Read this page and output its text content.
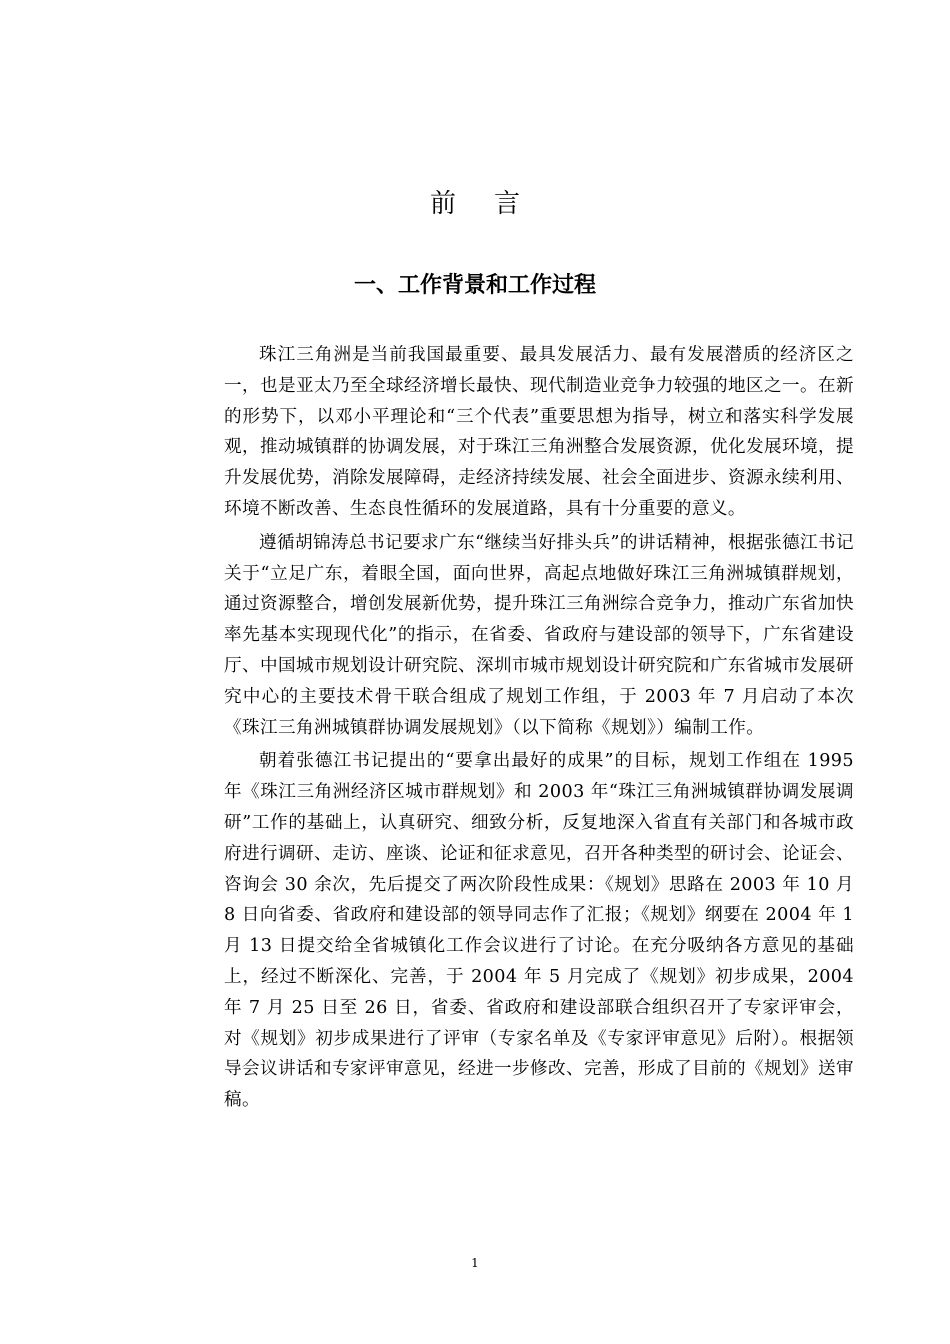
前言
一、工作背景和工作过程

珠江三角洲是当前我国最重要、最具发展活力、最有发展潜质的经济区之一，也是亚太乃至全球经济增长最快、现代制造业竞争力较强的地区之一。在新的形势下，以邓小平理论和“三个代表”重要思想为指导，树立和落实科学发展观，推动城镇群的协调发展，对于珠江三角洲整合发展资源，优化发展环境，提升发展优势，消除发展障碍，走经济持续发展、社会全面进步、资源永续利用、环境不断改善、生态良性循环的发展道路，具有十分重要的意义。

遵循胡锦涛总书记要求广东“继续当好排头兵”的讲话精神，根据张德江书记关于“立足广东，着眼全国，面向世界，高起点地做好珠江三角洲城镇群规划，通过资源整合，增创发展新优势，提升珠江三角洲综合竞争力，推动广东省加快率先基本实现现代化”的指示，在省委、省政府与建设部的领导下，广东省建设厅、中国城市规划设计研究院、深圳市城市规划设计研究院和广东省城市发展研究中心的主要技术骨干联合组成了规划工作组，于 2003 年 7 月启动了本次《珠江三角洲城镇群协调发展规划》（以下简称《规划》）编制工作。

朝着张德江书记提出的“要拿出最好的成果”的目标，规划工作组在 1995 年《珠江三角洲经济区城市群规划》和 2003 年“珠江三角洲城镇群协调发展调研”工作的基础上，认真研究、细致分析，反复地深入省直有关部门和各城市政府进行调研、走访、座谈、论证和征求意见，召开各种类型的研讨会、论证会、咨询会 30 余次，先后提交了两次阶段性成果：《规划》思路在 2003 年 10 月 8 日向省委、省政府和建设部的领导同志作了汇报；《规划》纲要在 2004 年 1 月 13 日提交给全省城镇化工作会议进行了讨论。在充分吸纳各方意见的基础上，经过不断深化、完善，于 2004 年 5 月完成了《规划》初步成果，2004 年 7 月 25 日至 26 日，省委、省政府和建设部联合组织召开了专家评审会，对《规划》初步成果进行了评审（专家名单及《专家评审意见》后附）。根据领导会议讲话和专家评审意见，经进一步修改、完善，形成了目前的《规划》送审稿。

1
